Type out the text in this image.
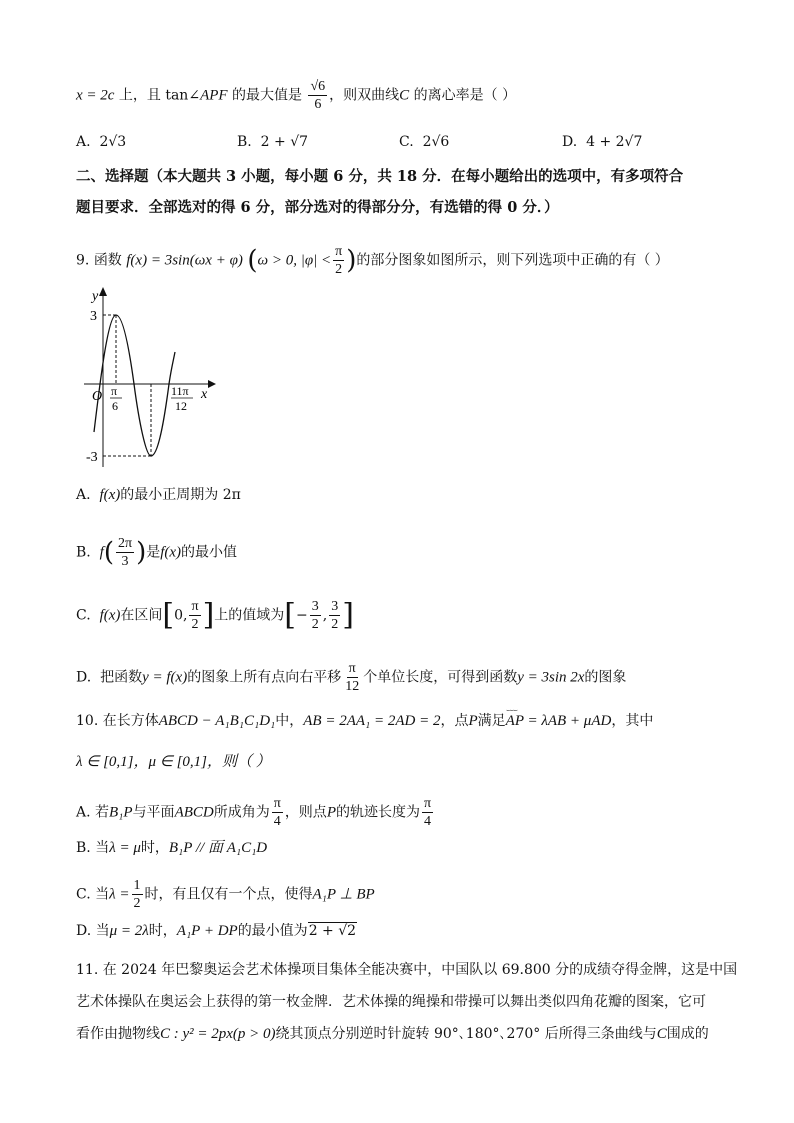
x = 2c 上，且 tan∠APF 的最大值是 $\frac{√6}{6}$ ，则双曲线C 的离心率是（ ）
A. 2√3	B. 2 + √7	C. 2√6	D. 4 + 2√7
二、选择题（本大题共 3 小题，每小题 6 分，共 18 分．在每小题给出的选项中，有多项符合
题目要求．全部选对的得 6 分，部分选对的得部分分，有选错的得 0 分．）
9. 函数 f(x) = 3sin(ωx + φ) (ω > 0, $|\varphi| < \frac{\pi}{2}$ )的部分图象如图所示，则下列选项中正确的有（ ）
y
x
O
3
-3
π
6
11π
12
A. f(x)的最小正周期为 2π
B. $f( \frac{2\pi}{3}$ )是f(x)的最小值
C. f(x)在区间[0, $\frac{\pi}{2}$ ]上的值域为[− $\frac{3}{2}$ , $\frac{3}{2}$ ]
D. 把函数y = f(x)的图象上所有点向右平移 $\frac{\pi}{12}$ 个单位长度，可得到函数y = 3sin 2x的图象
10. 在长方体ABCD − A₁B₁C₁D₁中，AB = 2AA₁ = 2AD = 2，点P满足⌣⌣⌣ AP = λAB + μAD，其中
λ ∈ [0,1]，μ ∈ [0,1]，则（ ）
A. 若B₁P与平面ABCD所成角为 $\frac{\pi}{4}$ ，则点P的轨迹长度为 $\frac{\pi}{4}$
B. 当λ = μ时，B₁P // 面 A₁C₁D
C. 当$\lambda = \frac{1}{2}$ 时，有且仅有一个点，使得A₁P ⊥ BP
D. 当μ = 2λ时，A₁P + DP的最小值为2 + √2
11. 在 2024 年巴黎奥运会艺术体操项目集体全能决赛中，中国队以 69.800 分的成绩夺得金牌，这是中国
艺术体操队在奥运会上获得的第一枚金牌．艺术体操的绳操和带操可以舞出类似四角花瓣的图案，它可
看作由抛物线C : y² = 2px(p > 0)绕其顶点分别逆时针旋转 90°､180°､270° 后所得三条曲线与C围成的
